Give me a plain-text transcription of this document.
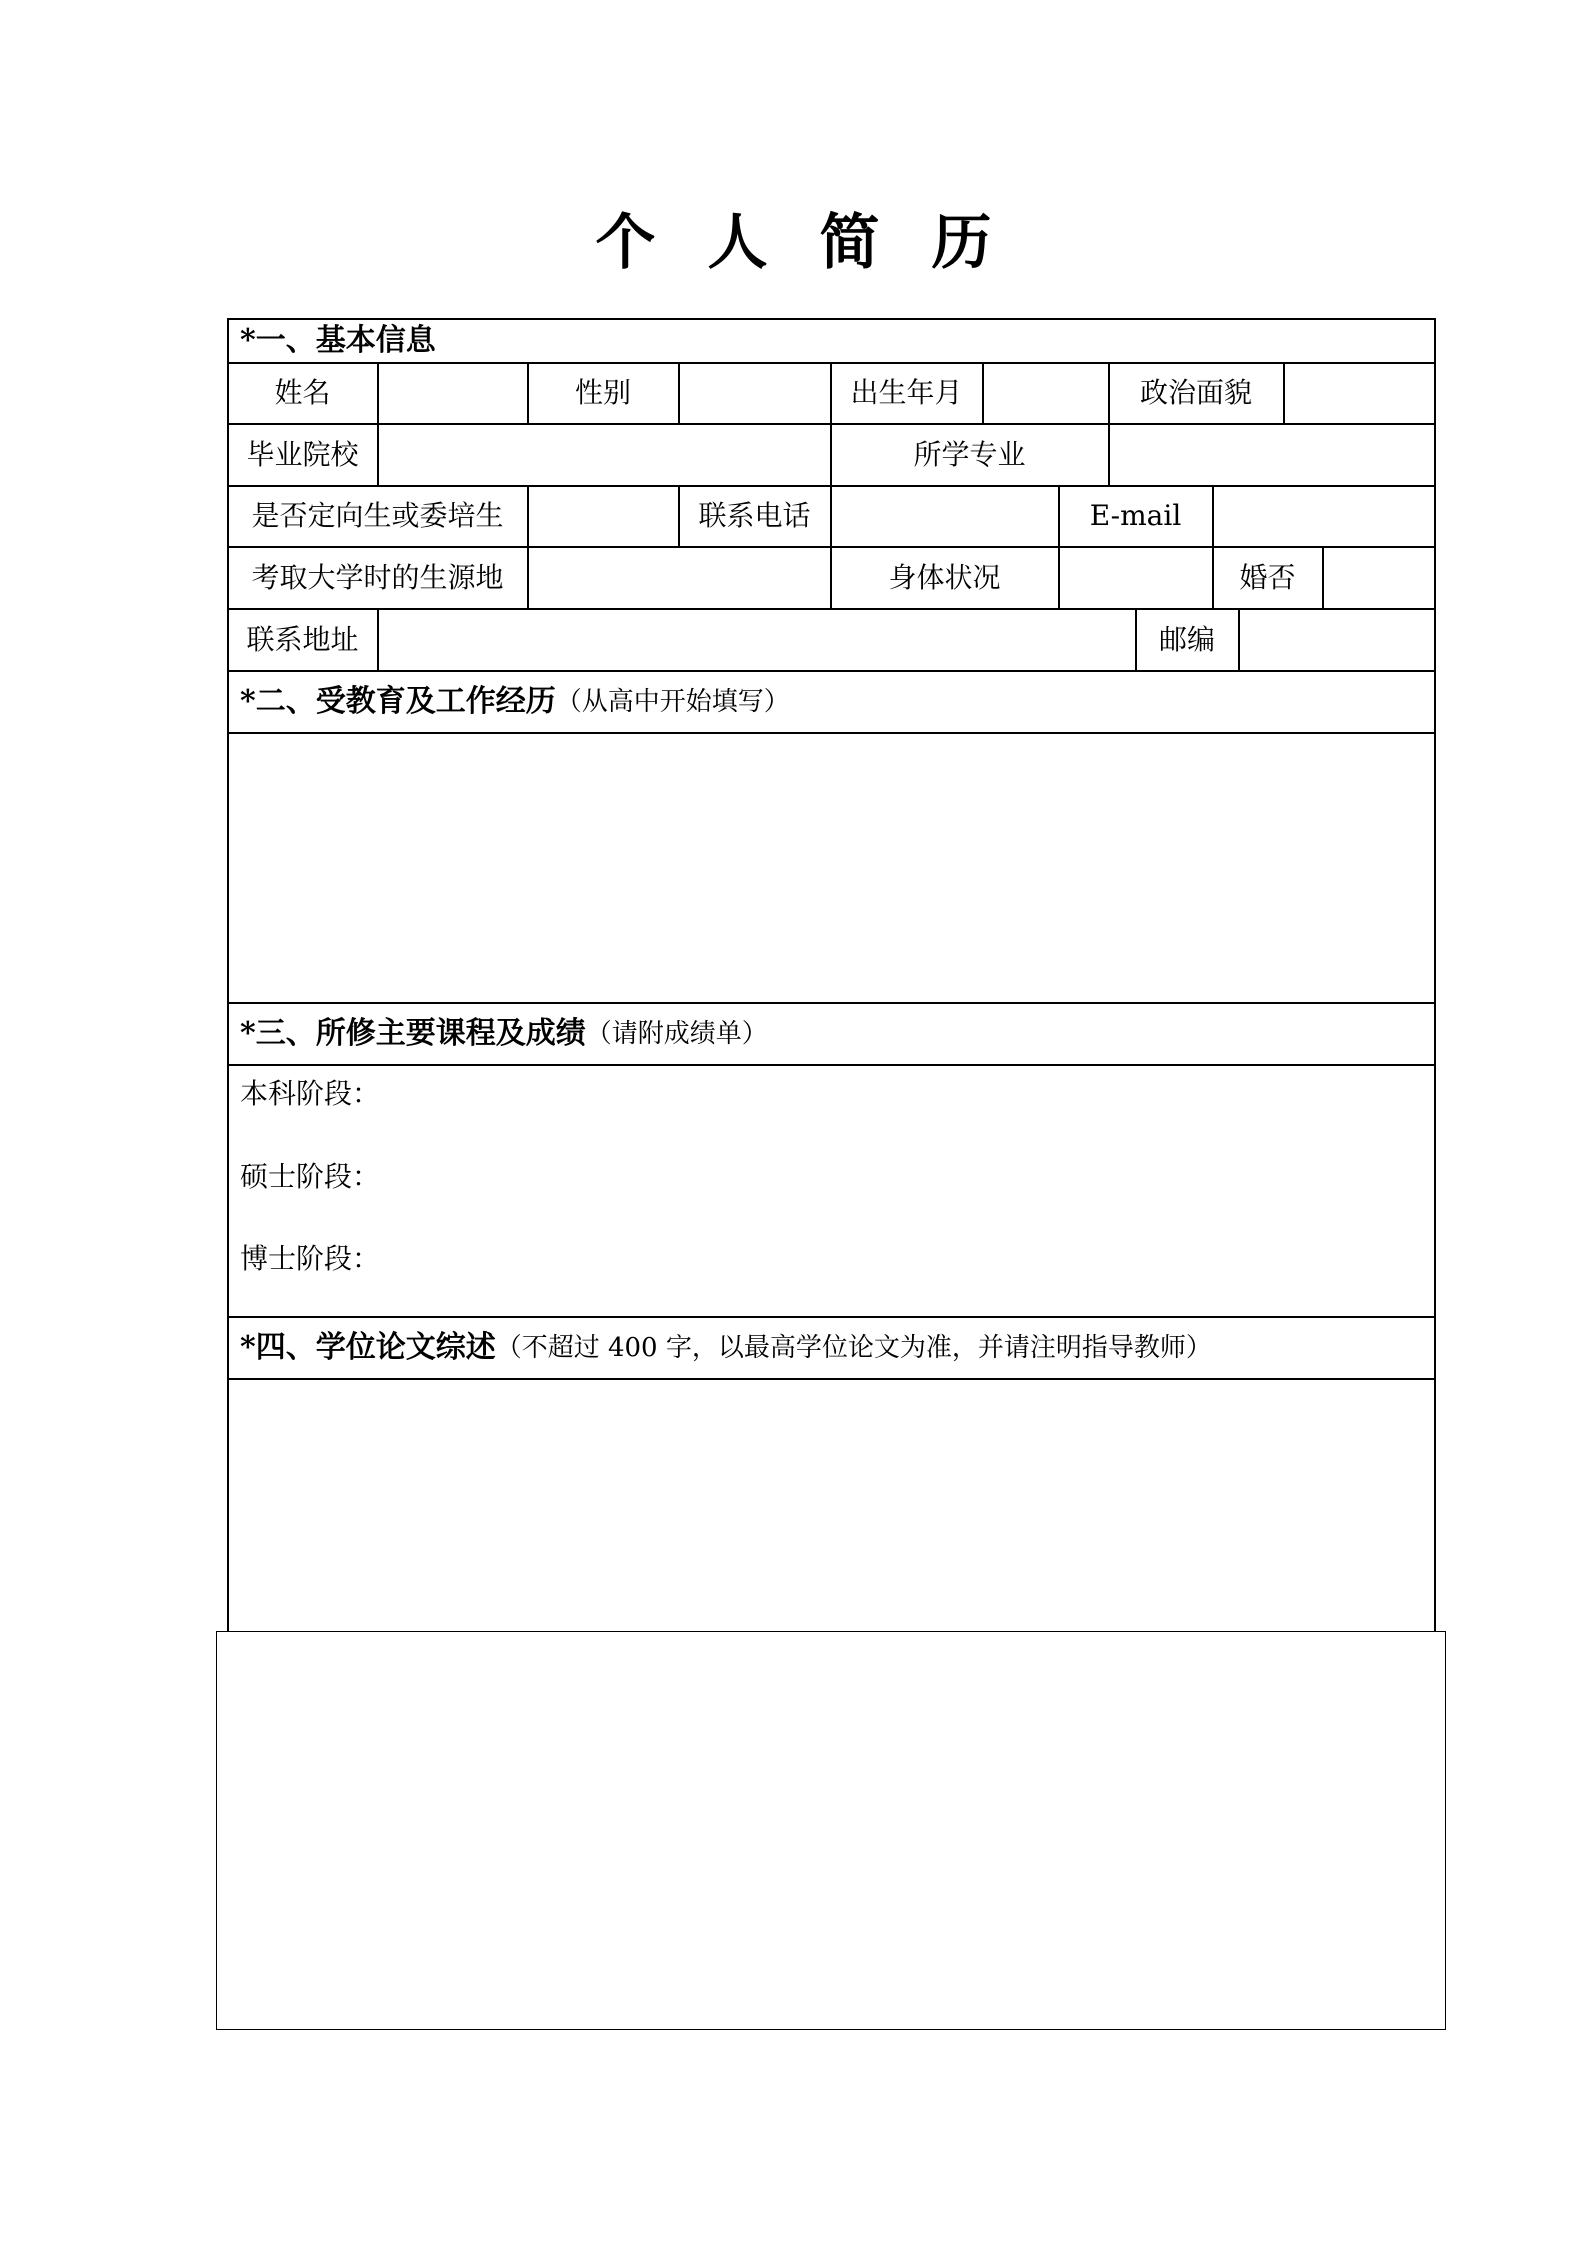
个 人 简 历
*一、基本信息
姓名	性别	出生年月	政治面貌
毕业院校	所学专业
是否定向生或委培生	联系电话	E-mail
考取大学时的生源地	身体状况	婚否
联系地址	邮编
*二、受教育及工作经历 （从高中开始填写）
*三、所修主要课程及成绩 （请附成绩单）
本科阶段：
硕士阶段：
博士阶段：
*四、学位论文综述 （不超过 400 字，以最高学位论文为准，并请注明指导教师）
